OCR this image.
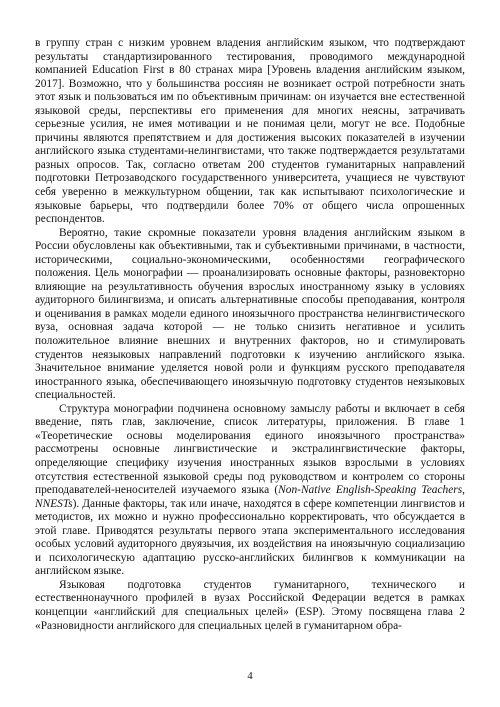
в группу стран с низким уровнем владения английским языком, что подтверждают результаты стандартизированного тестирования, проводимого международной компанией Education First в 80 странах мира [Уровень владения английским языком, 2017]. Возможно, что у большинства россиян не возникает острой потребности знать этот язык и пользоваться им по объективным причинам: он изучается вне естественной языковой среды, перспективы его применения для многих неясны, затрачивать серьезные усилия, не имея мотивации и не понимая цели, могут не все. Подобные причины являются препятствием и для достижения высоких показателей в изучении английского языка студентами-нелингвистами, что также подтверждается результатами разных опросов. Так, согласно ответам 200 студентов гуманитарных направлений подготовки Петрозаводского государственного университета, учащиеся не чувствуют себя уверенно в межкультурном общении, так как испытывают психологические и языковые барьеры, что подтвердили более 70% от общего числа опрошенных респондентов.

Вероятно, такие скромные показатели уровня владения английским языком в России обусловлены как объективными, так и субъективными причинами, в частности, историческими, социально-экономическими, особенностями географического положения. Цель монографии — проанализировать основные факторы, разновекторно влияющие на результативность обучения взрослых иностранному языку в условиях аудиторного билингвизма, и описать альтернативные способы преподавания, контроля и оценивания в рамках модели единого иноязычного пространства нелингвистического вуза, основная задача которой — не только снизить негативное и усилить положительное влияние внешних и внутренних факторов, но и стимулировать студентов неязыковых направлений подготовки к изучению английского языка. Значительное внимание уделяется новой роли и функциям русского преподавателя иностранного языка, обеспечивающего иноязычную подготовку студентов неязыковых специальностей.

Структура монографии подчинена основному замыслу работы и включает в себя введение, пять глав, заключение, список литературы, приложения. В главе 1 «Теоретические основы моделирования единого иноязычного пространства» рассмотрены основные лингвистические и экстралингвистические факторы, определяющие специфику изучения иностранных языков взрослыми в условиях отсутствия естественной языковой среды под руководством и контролем со стороны преподавателей-неносителей изучаемого языка (Non-Native English-Speaking Teachers, NNESTs). Данные факторы, так или иначе, находятся в сфере компетенции лингвистов и методистов, их можно и нужно профессионально корректировать, что обсуждается в этой главе. Приводятся результаты первого этапа экспериментального исследования особых условий аудиторного двуязычия, их воздействия на иноязычную социализацию и психологическую адаптацию русско-английских билингвов к коммуникации на английском языке.

Языковая подготовка студентов гуманитарного, технического и естественнонаучного профилей в вузах Российской Федерации ведется в рамках концепции «английский для специальных целей» (ESP). Этому посвящена глава 2 «Разновидности английского для специальных целей в гуманитарном обра-

4
